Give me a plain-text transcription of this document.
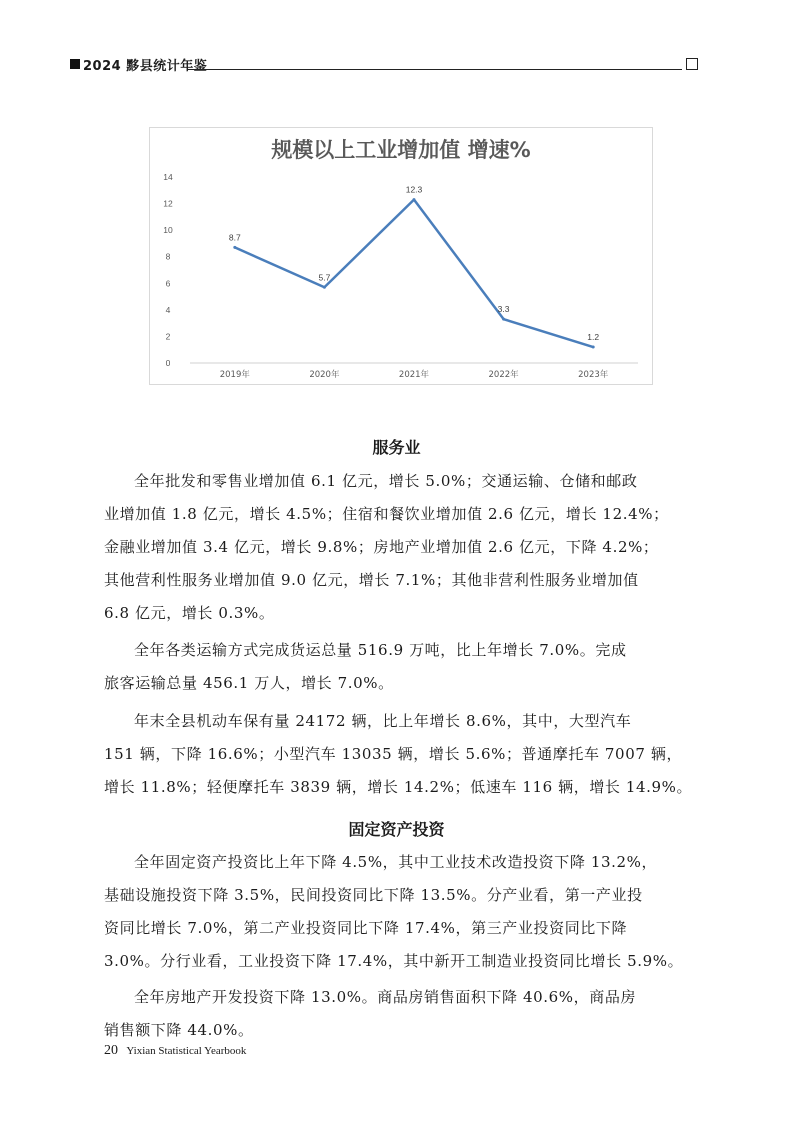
2024 黟县统计年鉴
规模以上工业增加值 增速%
0
2
4
6
8
10
12
14
2019年	2020年	2021年	2022年	2023年
8.7
5.7
12.3
3.3
1.2
服务业
全年批发和零售业增加值 6.1 亿元，增长 5.0%；交通运输、仓储和邮政
业增加值 1.8 亿元，增长 4.5%；住宿和餐饮业增加值 2.6 亿元，增长 12.4%；
金融业增加值 3.4 亿元，增长 9.8%；房地产业增加值 2.6 亿元，下降 4.2%；
其他营利性服务业增加值 9.0 亿元，增长 7.1%；其他非营利性服务业增加值
6.8 亿元，增长 0.3%。
全年各类运输方式完成货运总量 516.9 万吨，比上年增长 7.0%。完成
旅客运输总量 456.1 万人，增长 7.0%。
年末全县机动车保有量 24172 辆，比上年增长 8.6%，其中，大型汽车
151 辆，下降 16.6%；小型汽车 13035 辆，增长 5.6%；普通摩托车 7007 辆，
增长 11.8%；轻便摩托车 3839 辆，增长 14.2%；低速车 116 辆，增长 14.9%。
固定资产投资
全年固定资产投资比上年下降 4.5%，其中工业技术改造投资下降 13.2%，
基础设施投资下降 3.5%，民间投资同比下降 13.5%。分产业看，第一产业投
资同比增长 7.0%，第二产业投资同比下降 17.4%，第三产业投资同比下降
3.0%。分行业看，工业投资下降 17.4%，其中新开工制造业投资同比增长 5.9%。
全年房地产开发投资下降 13.0%。商品房销售面积下降 40.6%，商品房
销售额下降 44.0%。
20 Yixian Statistical Yearbook
